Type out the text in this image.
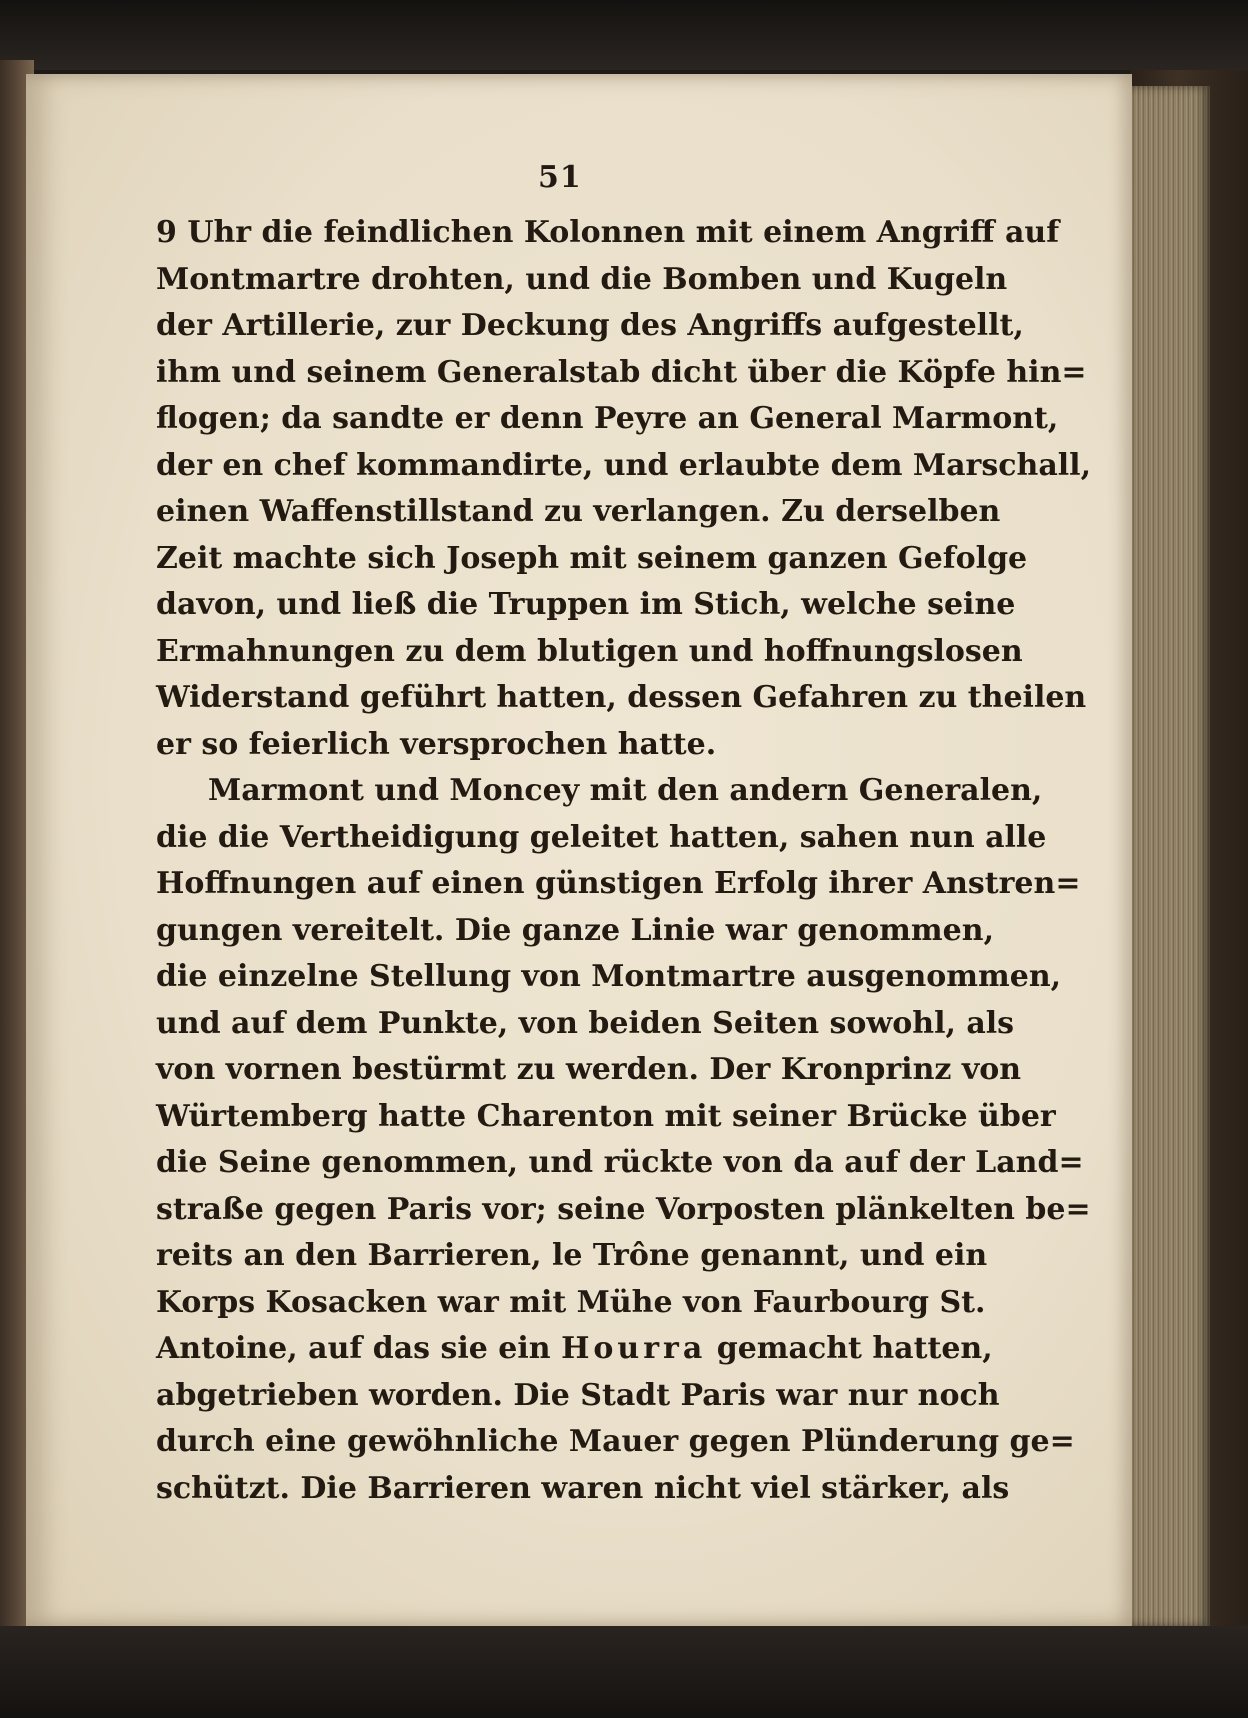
51
9 Uhr die feindlichen Kolonnen mit einem Angriff auf
Montmartre drohten, und die Bomben und Kugeln
der Artillerie, zur Deckung des Angriffs aufgestellt,
ihm und seinem Generalstab dicht über die Köpfe hin=
flogen; da sandte er denn Peyre an General Marmont,
der en chef kommandirte, und erlaubte dem Marschall,
einen Waffenstillstand zu verlangen. Zu derselben
Zeit machte sich Joseph mit seinem ganzen Gefolge
davon, und ließ die Truppen im Stich, welche seine
Ermahnungen zu dem blutigen und hoffnungslosen
Widerstand geführt hatten, dessen Gefahren zu theilen
er so feierlich versprochen hatte.
Marmont und Moncey mit den andern Generalen,
die die Vertheidigung geleitet hatten, sahen nun alle
Hoffnungen auf einen günstigen Erfolg ihrer Anstren=
gungen vereitelt. Die ganze Linie war genommen,
die einzelne Stellung von Montmartre ausgenommen,
und auf dem Punkte, von beiden Seiten sowohl, als
von vornen bestürmt zu werden. Der Kronprinz von
Würtemberg hatte Charenton mit seiner Brücke über
die Seine genommen, und rückte von da auf der Land=
straße gegen Paris vor; seine Vorposten plänkelten be=
reits an den Barrieren, le Trône genannt, und ein
Korps Kosacken war mit Mühe von Faurbourg St.
Antoine, auf das sie ein Hourra gemacht hatten,
abgetrieben worden. Die Stadt Paris war nur noch
durch eine gewöhnliche Mauer gegen Plünderung ge=
schützt. Die Barrieren waren nicht viel stärker, als
